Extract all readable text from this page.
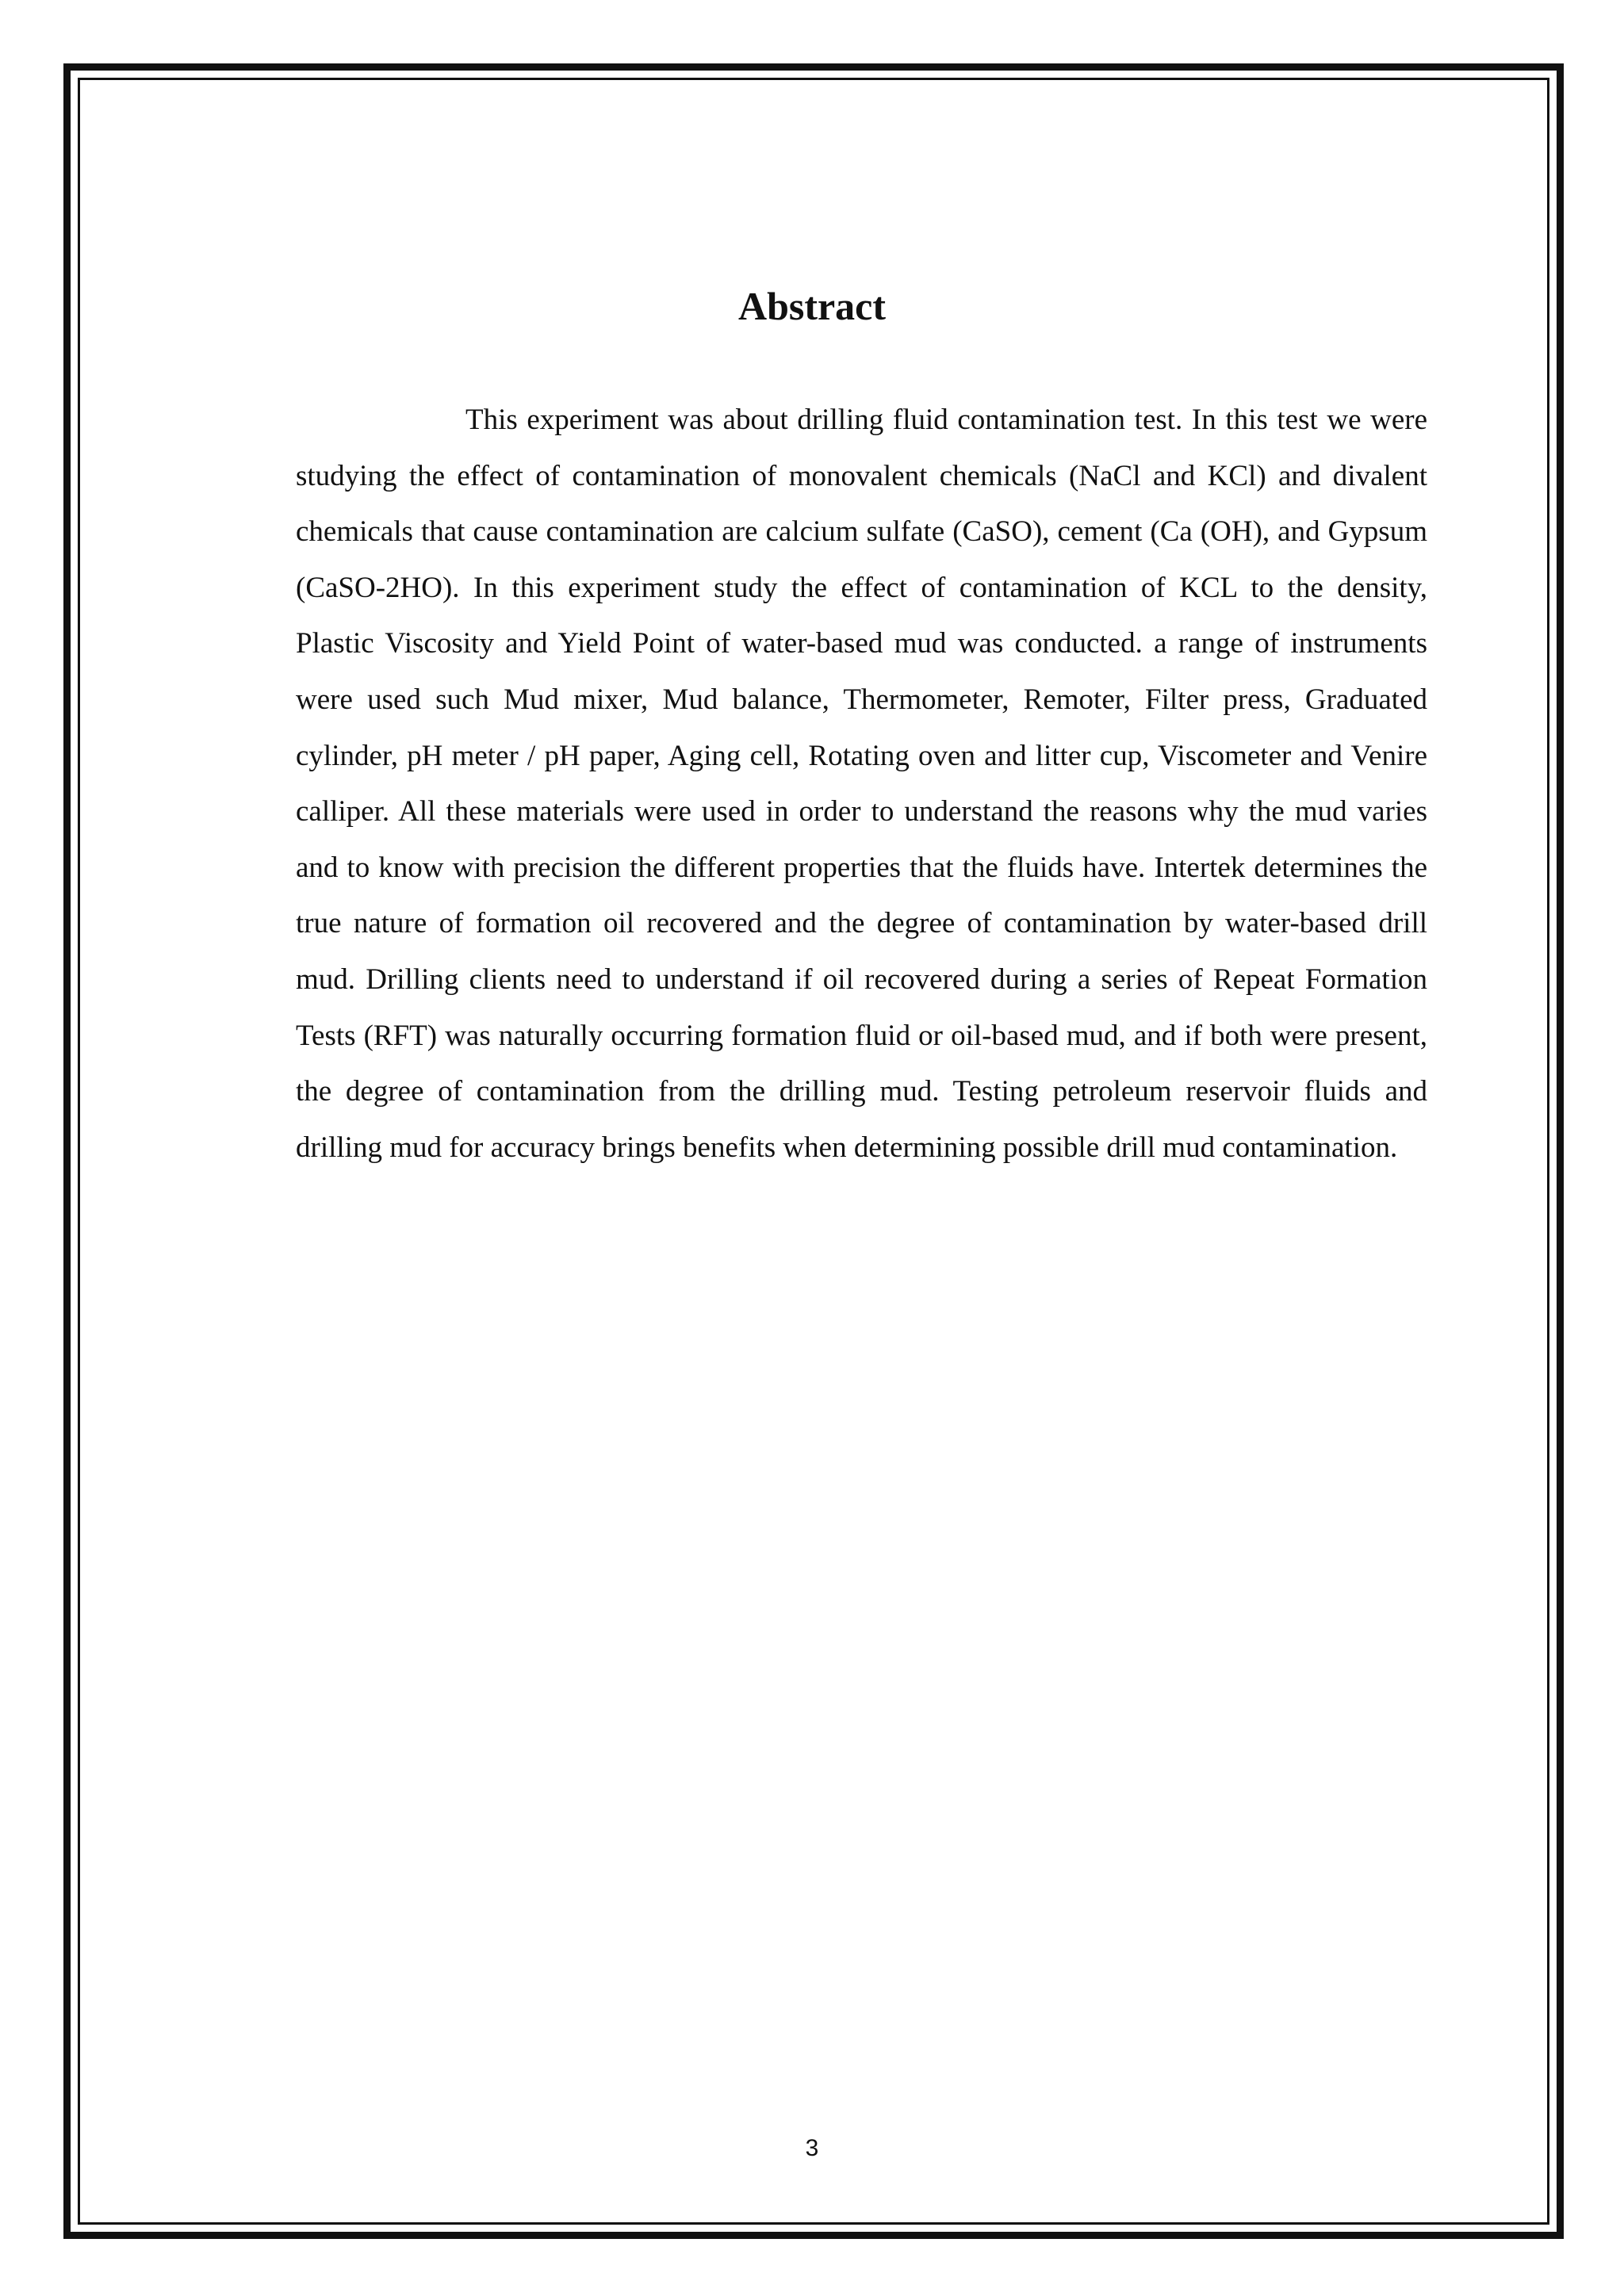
Abstract

This experiment was about drilling fluid contamination test. In this test we were studying the effect of contamination of monovalent chemicals (NaCl and KCl) and divalent chemicals that cause contamination are calcium sulfate (CaSO), cement (Ca (OH), and Gypsum (CaSO-2HO). In this experiment study the effect of contamination of KCL to the density, Plastic Viscosity and Yield Point of water-based mud was conducted. a range of instruments were used such Mud mixer, Mud balance, Thermometer, Remoter, Filter press, Graduated cylinder, pH meter / pH paper, Aging cell, Rotating oven and litter cup, Viscometer and Venire calliper. All these materials were used in order to understand the reasons why the mud varies and to know with precision the different properties that the fluids have. Intertek determines the true nature of formation oil recovered and the degree of contamination by water-based drill mud. Drilling clients need to understand if oil recovered during a series of Repeat Formation Tests (RFT) was naturally occurring formation fluid or oil-based mud, and if both were present, the degree of contamination from the drilling mud. Testing petroleum reservoir fluids and drilling mud for accuracy brings benefits when determining possible drill mud contamination.

3
